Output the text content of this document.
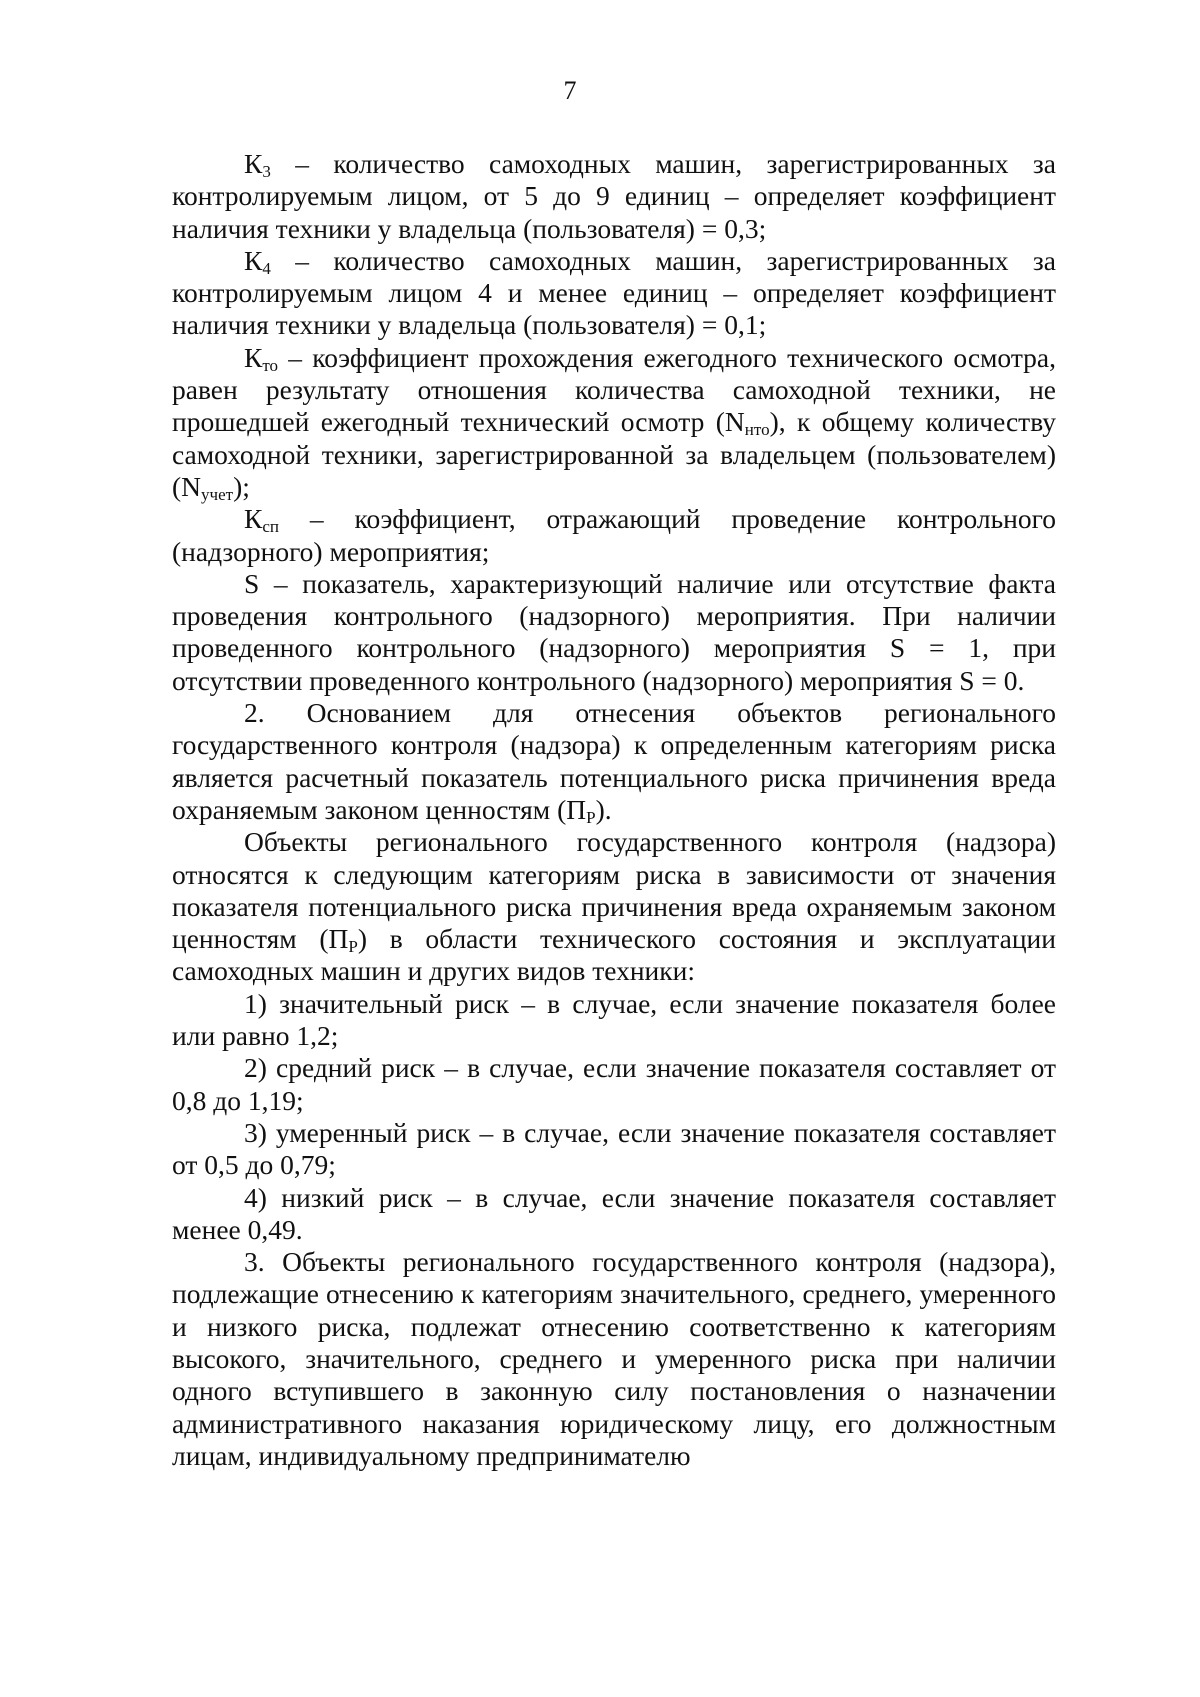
7

$К_3$ – количество самоходных машин, зарегистрированных за контролируемым лицом, от 5 до 9 единиц – определяет коэффициент наличия техники у владельца (пользователя) = 0,3;

$К_4$ – количество самоходных машин, зарегистрированных за контролируемым лицом 4 и менее единиц – определяет коэффициент наличия техники у владельца (пользователя) = 0,1;

$К_{то}$ – коэффициент прохождения ежегодного технического осмотра, равен результату отношения количества самоходной техники, не прошедшей ежегодный технический осмотр $(N_{нто})$, к общему количеству самоходной техники, зарегистрированной за владельцем (пользователем) $(N_{учет})$;

$К_{сп}$ – коэффициент, отражающий проведение контрольного (надзорного) мероприятия;

S – показатель, характеризующий наличие или отсутствие факта проведения контрольного (надзорного) мероприятия. При наличии проведенного контрольного (надзорного) мероприятия S = 1, при отсутствии проведенного контрольного (надзорного) мероприятия S = 0.

2. Основанием для отнесения объектов регионального государственного контроля (надзора) к определенным категориям риска является расчетный показатель потенциального риска причинения вреда охраняемым законом ценностям $(П_Р)$.

Объекты регионального государственного контроля (надзора) относятся к следующим категориям риска в зависимости от значения показателя потенциального риска причинения вреда охраняемым законом ценностям $(П_Р)$ в области технического состояния и эксплуатации самоходных машин и других видов техники:

1) значительный риск – в случае, если значение показателя более или равно 1,2;

2) средний риск – в случае, если значение показателя составляет от 0,8 до 1,19;

3) умеренный риск – в случае, если значение показателя составляет от 0,5 до 0,79;

4) низкий риск – в случае, если значение показателя составляет менее 0,49.

3. Объекты регионального государственного контроля (надзора), подлежащие отнесению к категориям значительного, среднего, умеренного и низкого риска, подлежат отнесению соответственно к категориям высокого, значительного, среднего и умеренного риска при наличии одного вступившего в законную силу постановления о назначении административного наказания юридическому лицу, его должностным лицам, индивидуальному предпринимателю
